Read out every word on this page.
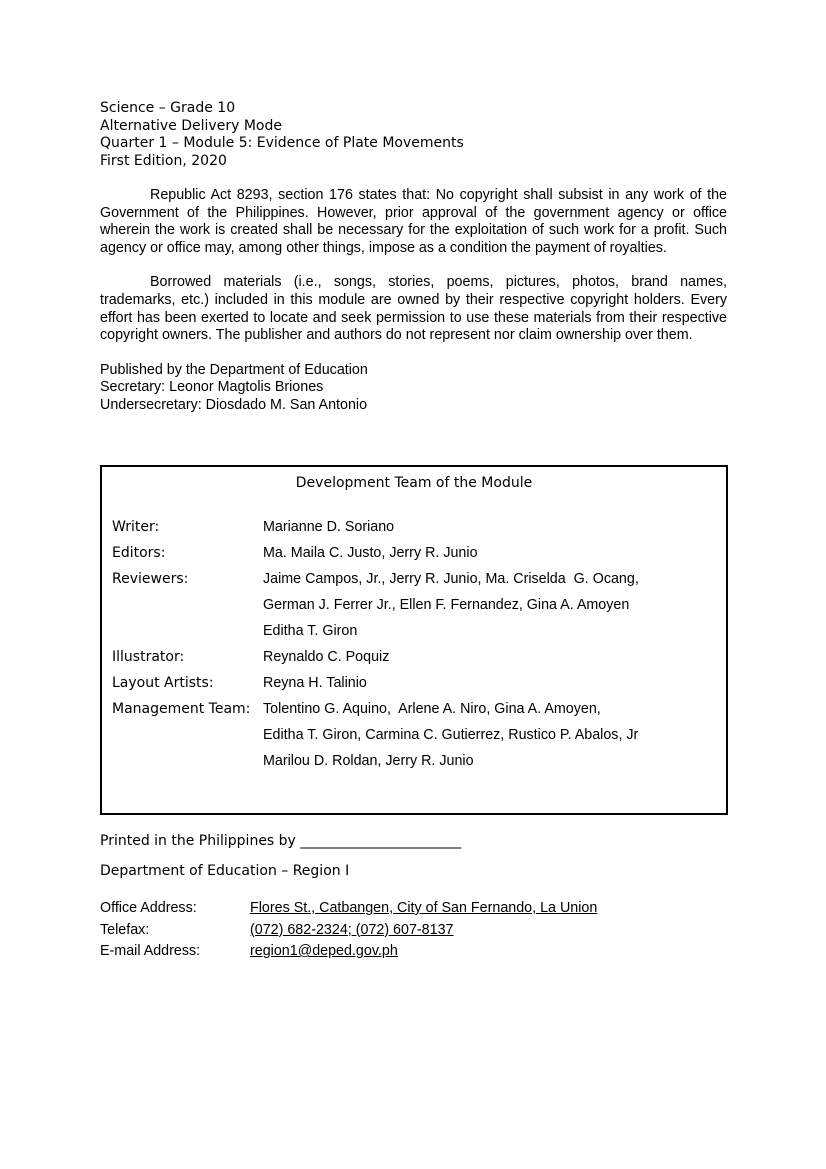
Science – Grade 10
Alternative Delivery Mode
Quarter 1 – Module 5: Evidence of Plate Movements
First Edition, 2020

Republic Act 8293, section 176 states that: No copyright shall subsist in any work of the Government of the Philippines. However, prior approval of the government agency or office wherein the work is created shall be necessary for the exploitation of such work for a profit. Such agency or office may, among other things, impose as a condition the payment of royalties.

Borrowed materials (i.e., songs, stories, poems, pictures, photos, brand names, trademarks, etc.) included in this module are owned by their respective copyright holders. Every effort has been exerted to locate and seek permission to use these materials from their respective copyright owners. The publisher and authors do not represent nor claim ownership over them.

Published by the Department of Education
Secretary: Leonor Magtolis Briones
Undersecretary: Diosdado M. San Antonio
Development Team of the Module
Writer:	Marianne D. Soriano
Editors:	Ma. Maila C. Justo, Jerry R. Junio
Reviewers:	Jaime Campos, Jr., Jerry R. Junio, Ma. Criselda  G. Ocang,
German J. Ferrer Jr., Ellen F. Fernandez, Gina A. Amoyen
Editha T. Giron
Illustrator:	Reynaldo C. Poquiz
Layout Artists:	Reyna H. Talinio
Management Team: Tolentino G. Aquino,  Arlene A. Niro, Gina A. Amoyen,
Editha T. Giron, Carmina C. Gutierrez, Rustico P. Abalos, Jr
Marilou D. Roldan, Jerry R. Junio
Printed in the Philippines by _______________________
Department of Education – Region I
Office Address:	Flores St., Catbangen, City of San Fernando, La Union
Telefax:	(072) 682-2324; (072) 607-8137
E-mail Address:	region1@deped.gov.ph
